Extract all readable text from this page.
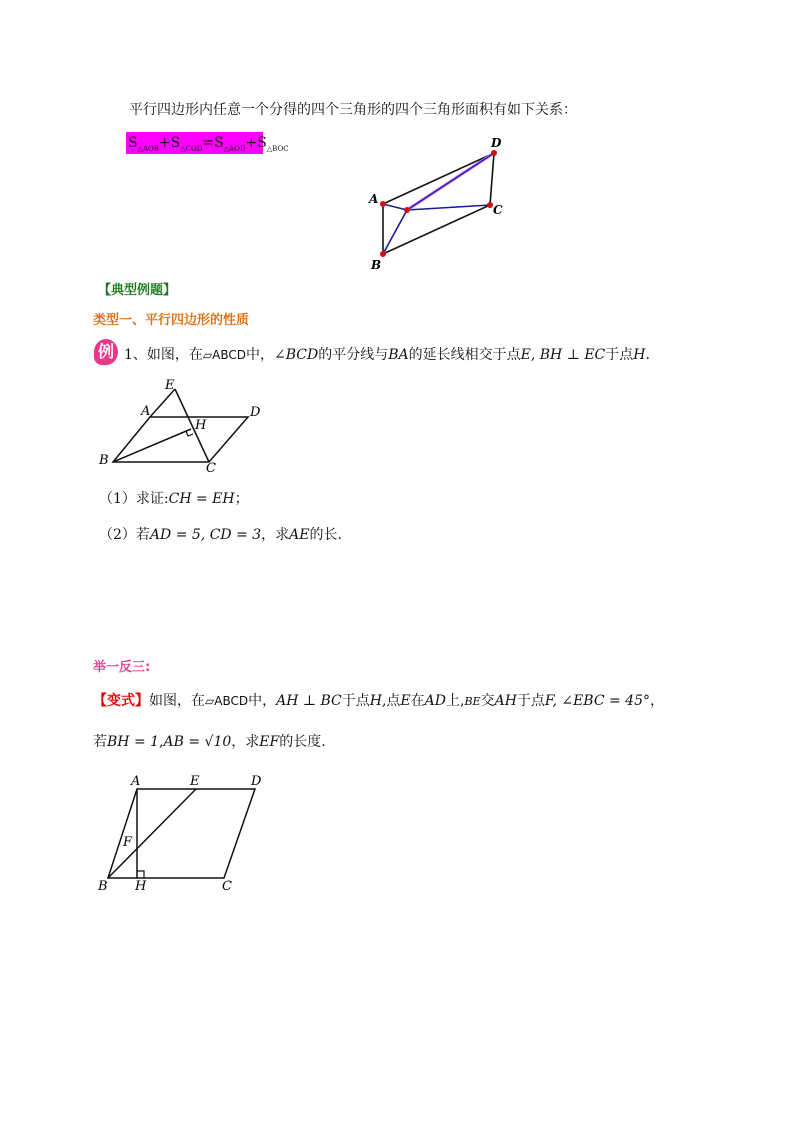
平行四边形内任意一个分得的四个三角形的四个三角形面积有如下关系：
$S_{\triangle AOB}+S_{\triangle COD}=S_{\triangle AOD}+S_{\triangle BOC}$
A
B
C
D
【典型例题】
类型一、平行四边形的性质
例 1、如图，在▱ABCD中，∠BCD的平分线与BA的延长线相交于点E, BH ⊥ EC于点H.
E
A	D
H
B
C
（1）求证:CH = EH；
（2）若AD = 5, CD = 3，求AE的长.
举一反三:
【变式】如图，在▱ABCD中，AH ⊥ BC于点H,点E在AD上,BE交AH于点F, ∠EBC = 45°，
若BH = 1,AB = √10，求EF的长度.
A	E	D
F
B H	C
